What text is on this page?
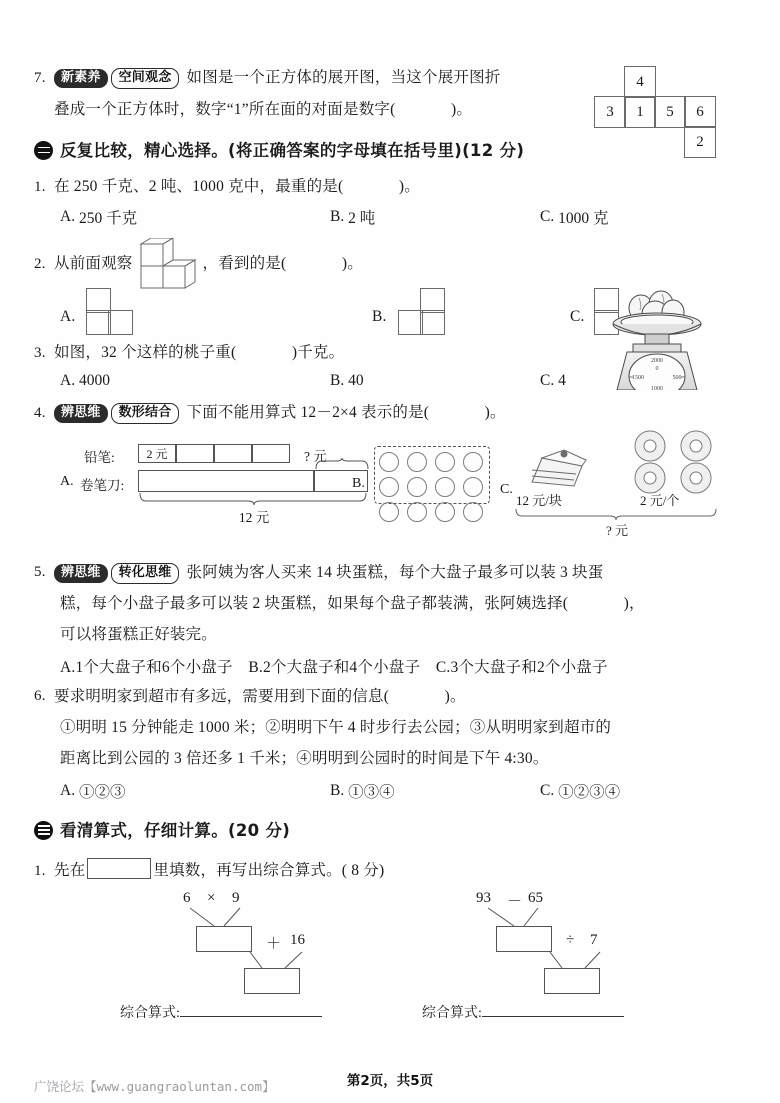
7.	新素养 空间观念 如图是一个正方体的展开图，当这个展开图折
叠成一个正方体时，数字“1”所在面的对面是数字(	)。
4
3	1	5	6
2
反复比较，精心选择。(将正确答案的字母填在括号里)(12 分)
1. 在 250 千克、2 吨、1000 克中，最重的是(	)。
A.
250 千克	B.
2 吨	C.
1000 克
2. 从前面观察	，看到的是(
	)。
A.	B.	C.
3. 如图，32 个这样的桃子重(	)千克。
A.
4000	B.
40	C.
4
2000
0
1500	500
1000
4.	辨思维 数形结合 下面不能用算式 12－2×4 表示的是(	)。
铅笔:	2 元	? 元
A. 卷笔刀:
12 元
B.	C.
12 元/块	2 元/个
? 元
5.	辨思维 转化思维 张阿姨为客人买来 14 块蛋糕，每个大盘子最多可以装 3 块蛋
糕，每个小盘子最多可以装 2 块蛋糕，如果每个盘子都装满，张阿姨选择(	)，
可以将蛋糕正好装完。
A.1个大盘子和6个小盘子　B.2个大盘子和4个小盘子　C.3个大盘子和2个小盘子
6. 要求明明家到超市有多远，需要用到下面的信息(	)。
①明明 15 分钟能走 1000 米；②明明下午 4 时步行去公园；③从明明家到超市的
距离比到公园的 3 倍还多 1 千米；④明明到公园时的时间是下午 4:30。
A.
①②③	B.
①③④	C.
①②③④
看清算式，仔细计算。(20 分)
1. 先在	里填数，再写出综合算式。( 8 分)
6 × 9
＋ 16
综合算式:
93 － 65
÷ 7
综合算式:
广饶论坛【www.guangraoluntan.com】	第2页，共5页
